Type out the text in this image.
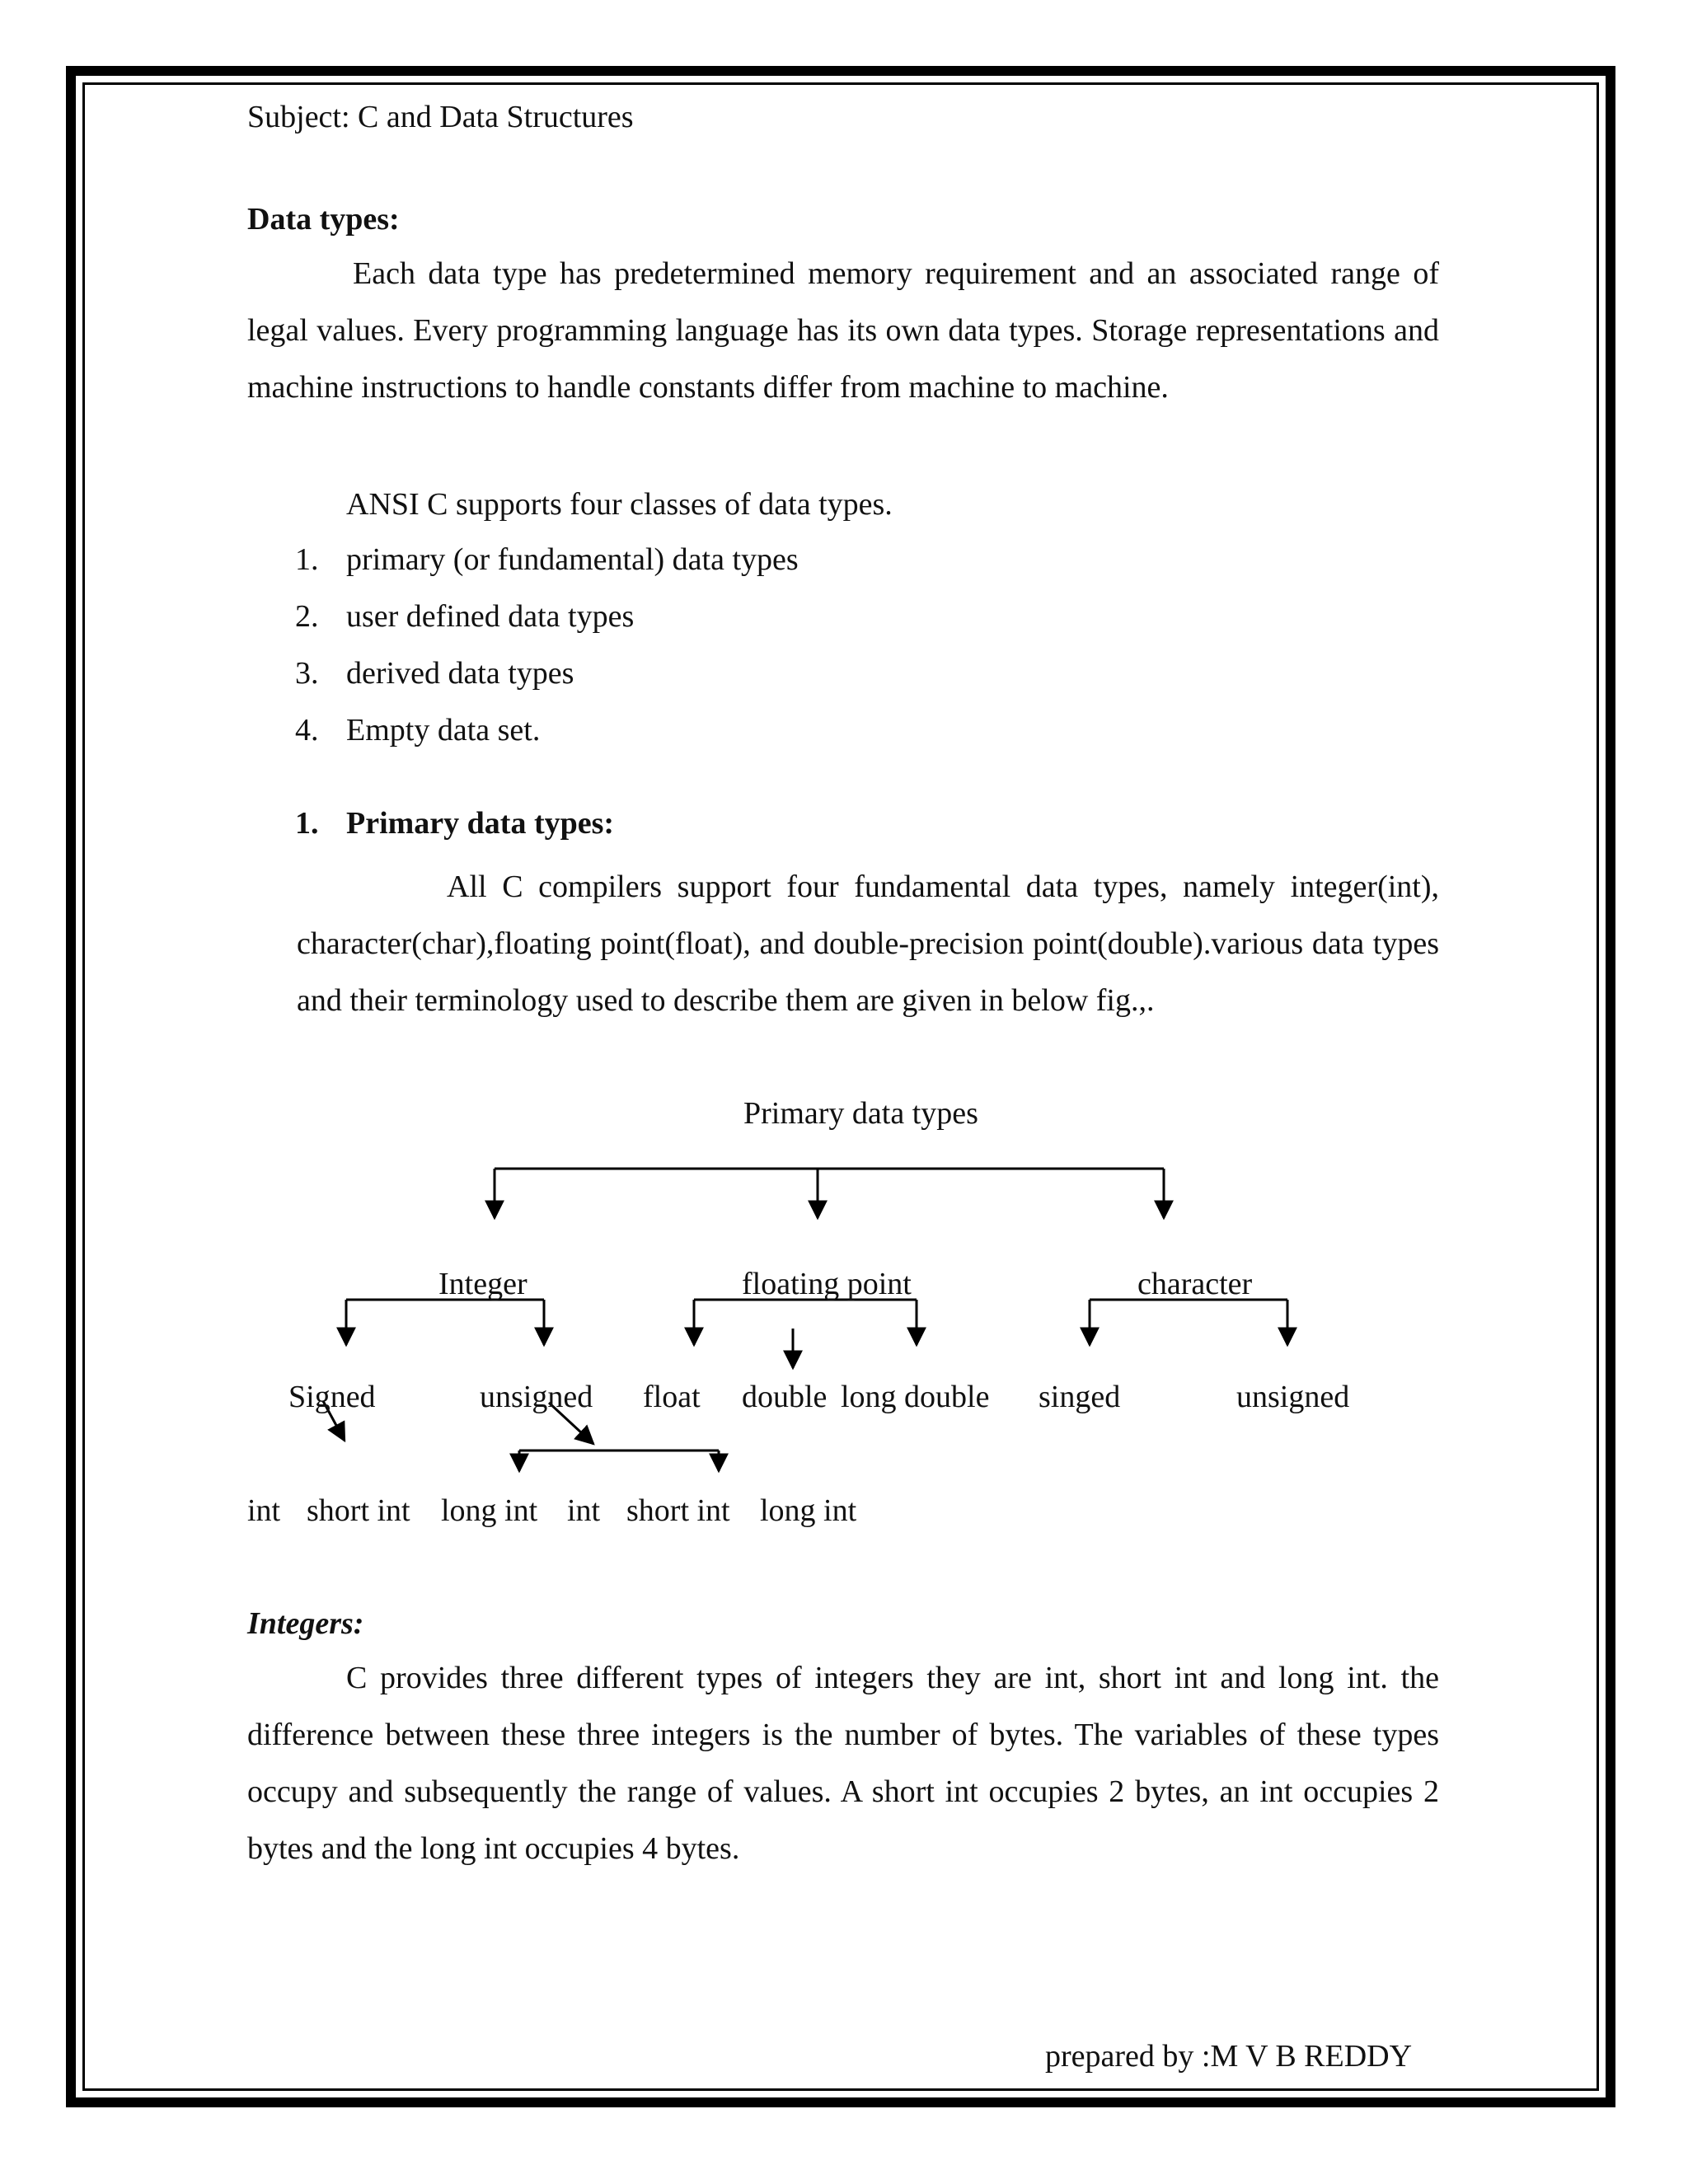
Subject: C and Data Structures

Data types:

Each data type has predetermined memory requirement and an associated range of legal values. Every programming language has its own data types. Storage representations and machine instructions to handle constants differ from machine to machine.

ANSI C supports four classes of data types.

1. primary (or fundamental) data types
2. user defined data types
3. derived data types
4. Empty data set.

1. Primary data types:

All C compilers support four fundamental data types, namely integer(int), character(char),floating point(float), and double-precision point(double).various data types and their terminology used to describe them are given in below fig.,.

Primary data types

Integer	floating point	character

Signed	unsigned float double long double singed	unsigned

int short int long int int short int long int

Integers:

C provides three different types of integers they are int, short int and long int. the difference between these three integers is the number of bytes. The variables of these types occupy and subsequently the range of values. A short int occupies 2 bytes, an int occupies 2 bytes and the long int occupies 4 bytes.

prepared by :M V B REDDY
